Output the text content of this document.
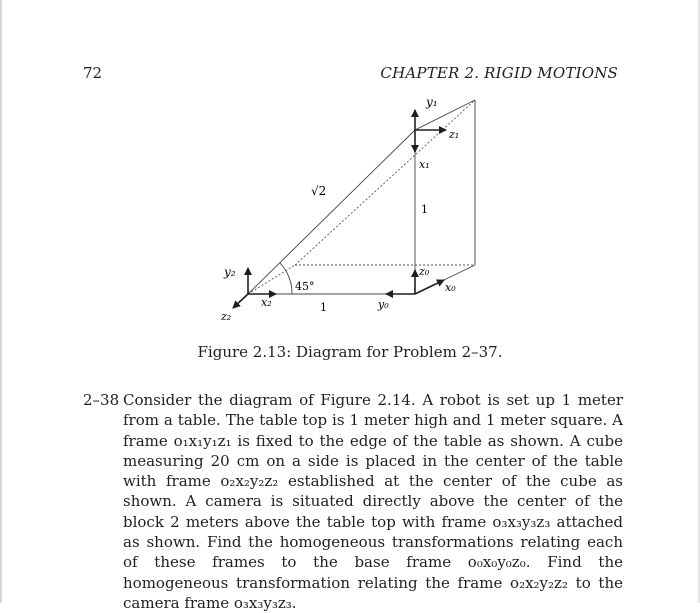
72	CHAPTER 2. RIGID MOTIONS
y₁
z₁
x₁
√2
1
y₂	z₀
x₀
45°
x₂	1	y₀
z₂
Figure 2.13: Diagram for Problem 2–37.
2–38 Consider the diagram of Figure 2.14. A robot is set up 1 meter from a table. The table top is 1 meter high and 1 meter square. A frame o₁x₁y₁z₁ is fixed to the edge of the table as shown. A cube measuring 20 cm on a side is placed in the center of the table with frame o₂x₂y₂z₂ established at the center of the cube as shown. A camera is situated directly above the center of the block 2 meters above the table top with frame o₃x₃y₃z₃ attached as shown. Find the homogeneous transformations relating each of these frames to the base frame o₀x₀y₀z₀. Find the homogeneous transformation relating the frame o₂x₂y₂z₂ to the camera frame o₃x₃y₃z₃.
